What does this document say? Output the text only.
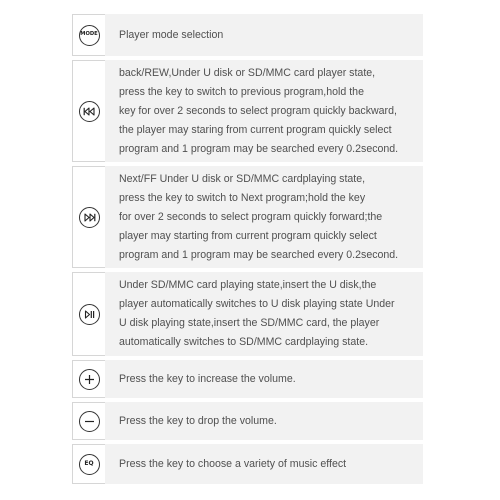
MODE Player mode selection
back/REW,Under U disk or SD/MMC card player state,
press the key to switch to previous program,hold the
key for over 2 seconds to select program quickly backward,
the player may staring from current program quickly select
program and 1 program may be searched every 0.2second.
Next/FF Under U disk or SD/MMC cardplaying state,
press the key to switch to Next program;hold the key
for over 2 seconds to select program quickly forward;the
player may starting from current program quickly select
program and 1 program may be searched every 0.2second.
Under SD/MMC card playing state,insert the U disk,the
player automatically switches to U disk playing state Under
U disk playing state,insert the SD/MMC card, the player
automatically switches to SD/MMC cardplaying state.
Press the key to increase the volume.
Press the key to drop the volume.
EQ Press the key to choose a variety of music effect
